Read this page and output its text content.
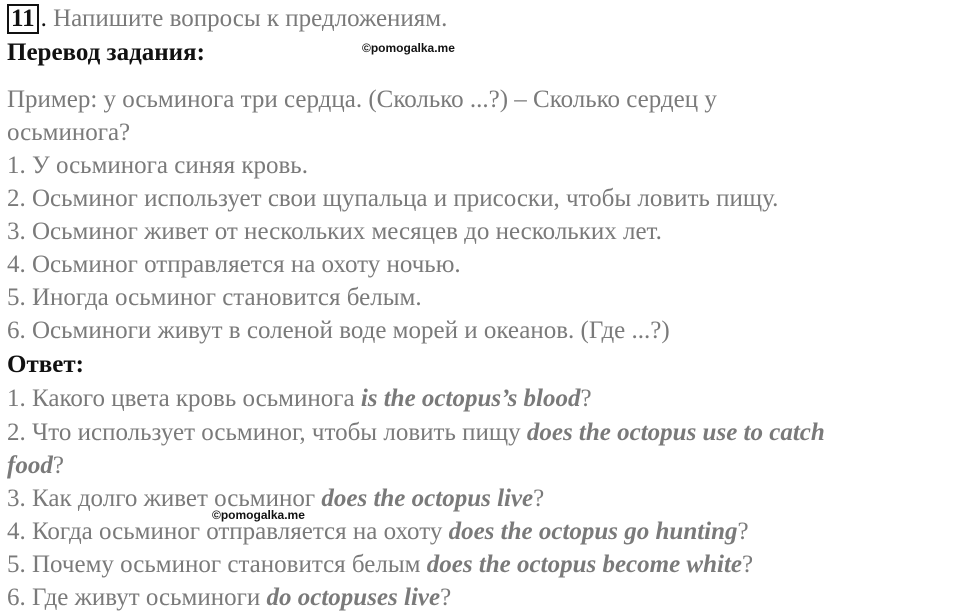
11 . Напишите вопросы к предложениям.
Перевод задания:	©pomogalka.me
Пример: у осьминога три сердца. (Сколько ...?) – Сколько сердец у
осьминога?
1. У осьминога синяя кровь.
2. Осьминог использует свои щупальца и присоски, чтобы ловить пищу.
3. Осьминог живет от нескольких месяцев до нескольких лет.
4. Осьминог отправляется на охоту ночью.
5. Иногда осьминог становится белым.
6. Осьминоги живут в соленой воде морей и океанов. (Где ...?)
Ответ:
1. Какого цвета кровь осьминога is the octopus’s blood?
2. Что использует осьминог, чтобы ловить пищу does the octopus use to catch
food?
3. Как долго живет осьминог does the octopus live?
©pomogalka.me
4. Когда осьминог отправляется на охоту does the octopus go hunting?
5. Почему осьминог становится белым does the octopus become white?
6. Где живут осьминоги do octopuses live?
